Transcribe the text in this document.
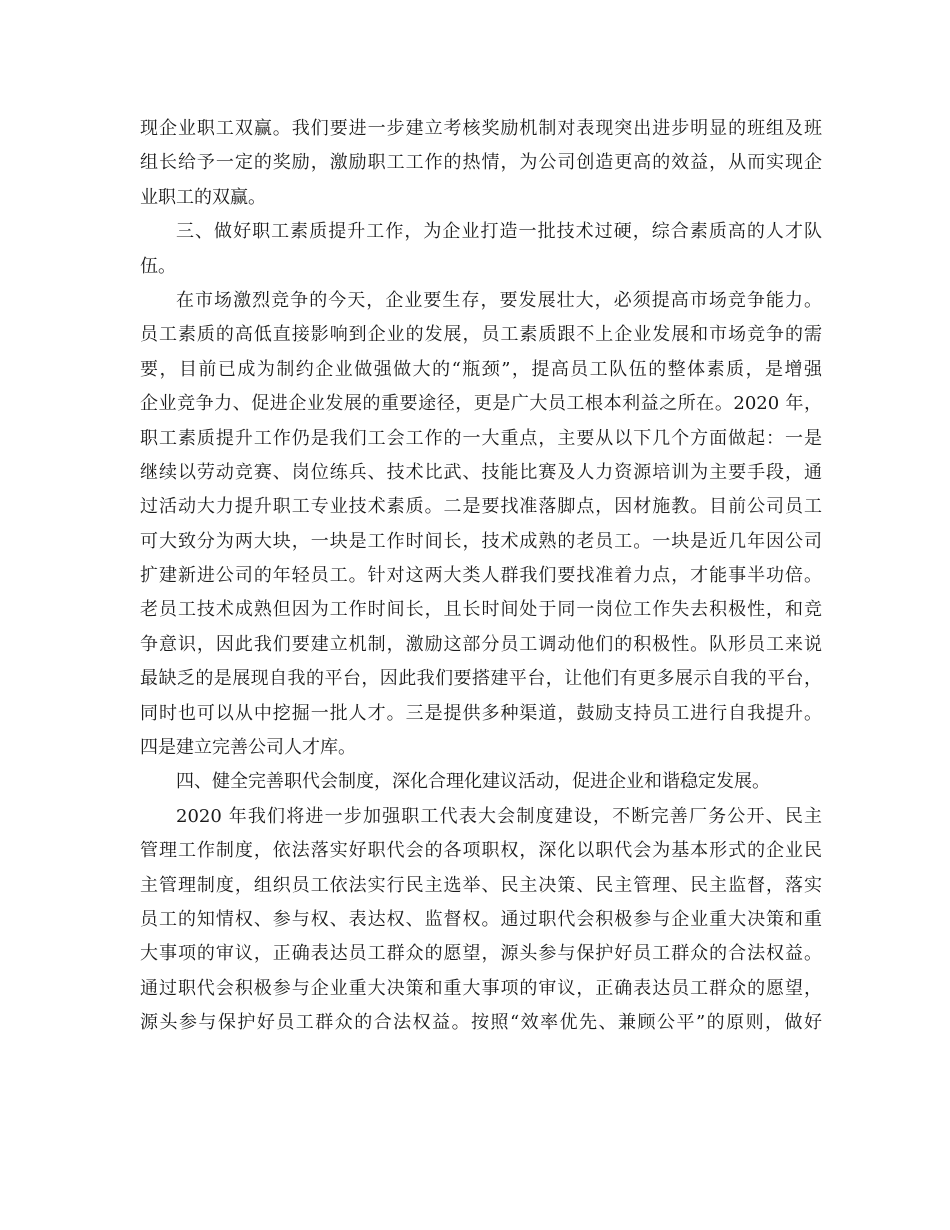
现企业职工双赢。我们要进一步建立考核奖励机制对表现突出进步明显的班组及班
组长给予一定的奖励，激励职工工作的热情，为公司创造更高的效益，从而实现企
业职工的双赢。
三、做好职工素质提升工作，为企业打造一批技术过硬，综合素质高的人才队
伍。
在市场激烈竞争的今天，企业要生存，要发展壮大，必须提高市场竞争能力。
员工素质的高低直接影响到企业的发展，员工素质跟不上企业发展和市场竞争的需
要，目前已成为制约企业做强做大的“瓶颈”，提高员工队伍的整体素质，是增强
企业竞争力、促进企业发展的重要途径，更是广大员工根本利益之所在。2020 年，
职工素质提升工作仍是我们工会工作的一大重点，主要从以下几个方面做起：一是
继续以劳动竞赛、岗位练兵、技术比武、技能比赛及人力资源培训为主要手段，通
过活动大力提升职工专业技术素质。二是要找准落脚点，因材施教。目前公司员工
可大致分为两大块，一块是工作时间长，技术成熟的老员工。一块是近几年因公司
扩建新进公司的年轻员工。针对这两大类人群我们要找准着力点，才能事半功倍。
老员工技术成熟但因为工作时间长，且长时间处于同一岗位工作失去积极性，和竞
争意识，因此我们要建立机制，激励这部分员工调动他们的积极性。队形员工来说
最缺乏的是展现自我的平台，因此我们要搭建平台，让他们有更多展示自我的平台，
同时也可以从中挖掘一批人才。三是提供多种渠道，鼓励支持员工进行自我提升。
四是建立完善公司人才库。
四、健全完善职代会制度，深化合理化建议活动，促进企业和谐稳定发展。
2020 年我们将进一步加强职工代表大会制度建设，不断完善厂务公开、民主
管理工作制度，依法落实好职代会的各项职权，深化以职代会为基本形式的企业民
主管理制度，组织员工依法实行民主选举、民主决策、民主管理、民主监督，落实
员工的知情权、参与权、表达权、监督权。通过职代会积极参与企业重大决策和重
大事项的审议，正确表达员工群众的愿望，源头参与保护好员工群众的合法权益。
通过职代会积极参与企业重大决策和重大事项的审议，正确表达员工群众的愿望，
源头参与保护好员工群众的合法权益。按照“效率优先、兼顾公平”的原则，做好
